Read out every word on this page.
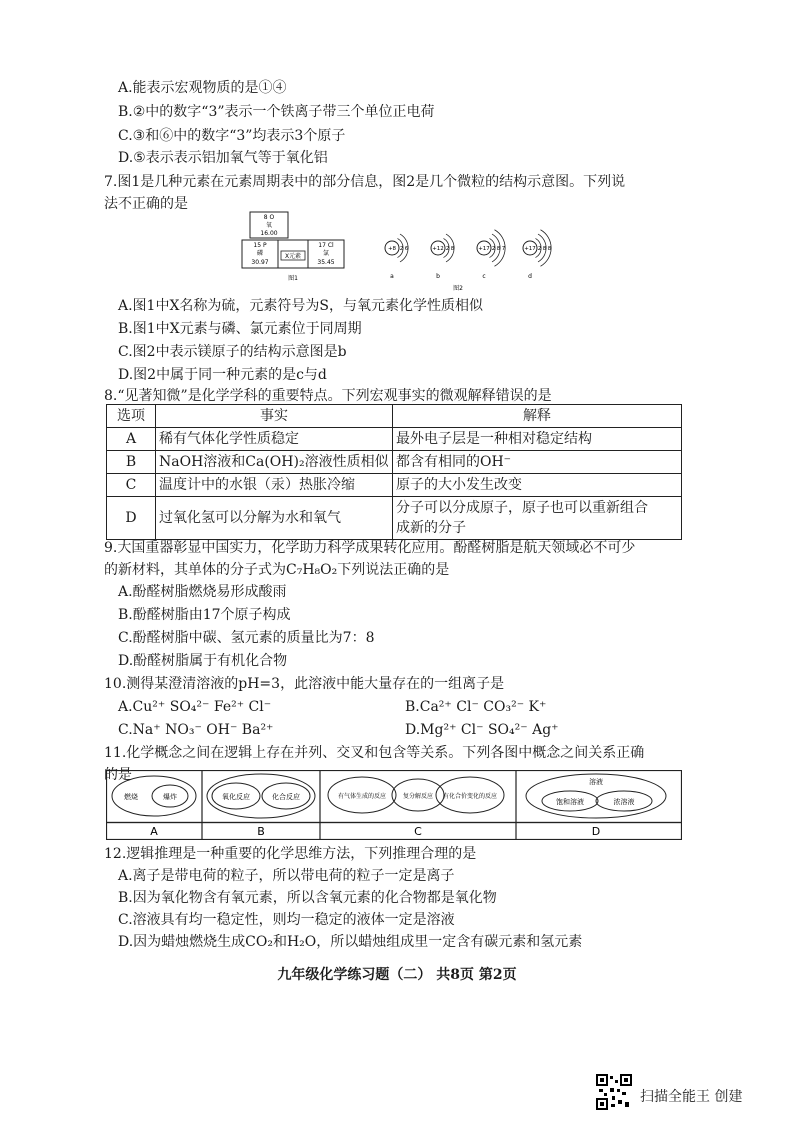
A.能表示宏观物质的是①④
B.②中的数字“3”表示一个铁离子带三个单位正电荷
C.③和⑥中的数字“3”均表示3个原子
D.⑤表示表示铝加氧气等于氧化铝
7.图1是几种元素在元素周期表中的部分信息，图2是几个微粒的结构示意图。下列说
法不正确的是
8 O
氧
16.00
15 P
磷
30.97
X元素
17 Cl
氯
35.45
图1
+8 2 6
a
+12 2 8
b
+17 2 8 7
c
+17 2 8 8
d
图2
A.图1中X名称为硫，元素符号为S，与氧元素化学性质相似
B.图1中X元素与磷、氯元素位于同周期
C.图2中表示镁原子的结构示意图是b
D.图2中属于同一种元素的是c与d
8.“见著知微”是化学学科的重要特点。下列宏观事实的微观解释错误的是
选项	事实	解释
A	稀有气体化学性质稳定	最外电子层是一种相对稳定结构
B	NaOH溶液和Ca(OH)₂溶液性质相似	都含有相同的OH⁻
C	温度计中的水银（汞）热胀冷缩	原子的大小发生改变
D	过氧化氢可以分解为水和氧气	分子可以分成原子，原子也可以重新组合
成新的分子
9.大国重器彰显中国实力，化学助力科学成果转化应用。酚醛树脂是航天领域必不可少
的新材料，其单体的分子式为C₇H₈O₂下列说法正确的是
A.酚醛树脂燃烧易形成酸雨
B.酚醛树脂由17个原子构成
C.酚醛树脂中碳、氢元素的质量比为7：8
D.酚醛树脂属于有机化合物
10.测得某澄清溶液的pH=3，此溶液中能大量存在的一组离子是
A.Cu²⁺ SO₄²⁻ Fe²⁺ Cl⁻	B.Ca²⁺ Cl⁻ CO₃²⁻ K⁺
C.Na⁺ NO₃⁻ OH⁻ Ba²⁺	D.Mg²⁺ Cl⁻ SO₄²⁻ Ag⁺
11.化学概念之间在逻辑上存在并列、交叉和包含等关系。下列各图中概念之间关系正确
的是
燃烧	爆炸
A
氧化反应	化合反应
B
有气体生成的反应	复分解反应 有化合价变化的反应
C
溶液
饱和溶液	浓溶液
D
12.逻辑推理是一种重要的化学思维方法，下列推理合理的是
A.离子是带电荷的粒子，所以带电荷的粒子一定是离子
B.因为氧化物含有氧元素，所以含氧元素的化合物都是氧化物
C.溶液具有均一稳定性，则均一稳定的液体一定是溶液
D.因为蜡烛燃烧生成CO₂和H₂O，所以蜡烛组成里一定含有碳元素和氢元素
九年级化学练习题（二） 共8页 第2页
扫描全能王 创建
